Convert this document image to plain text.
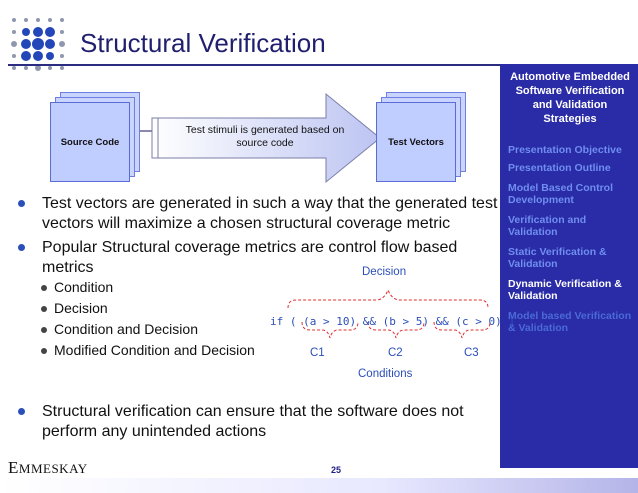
Structural Verification
Automotive Embedded Software Verification and Validation Strategies
Presentation Objective
Presentation Outline
Model Based Control Development
Verification and Validation
Static Verification & Validation
Dynamic Verification & Validation
Model based Verification & Validation
Source Code
Test stimuli is generated based on source code	Test Vectors
Test vectors are generated in such a way that the generated test vectors will maximize a chosen structural coverage metric
Popular Structural coverage metrics are control flow based metrics
Condition
Decision
Condition and Decision
Modified Condition and Decision
Decision
if ( (a > 10) && (b > 5) && (c > 0) )
C1	C2	C3
Conditions
Structural verification can ensure that the software does not perform any unintended actions
EMMESKAY	25
